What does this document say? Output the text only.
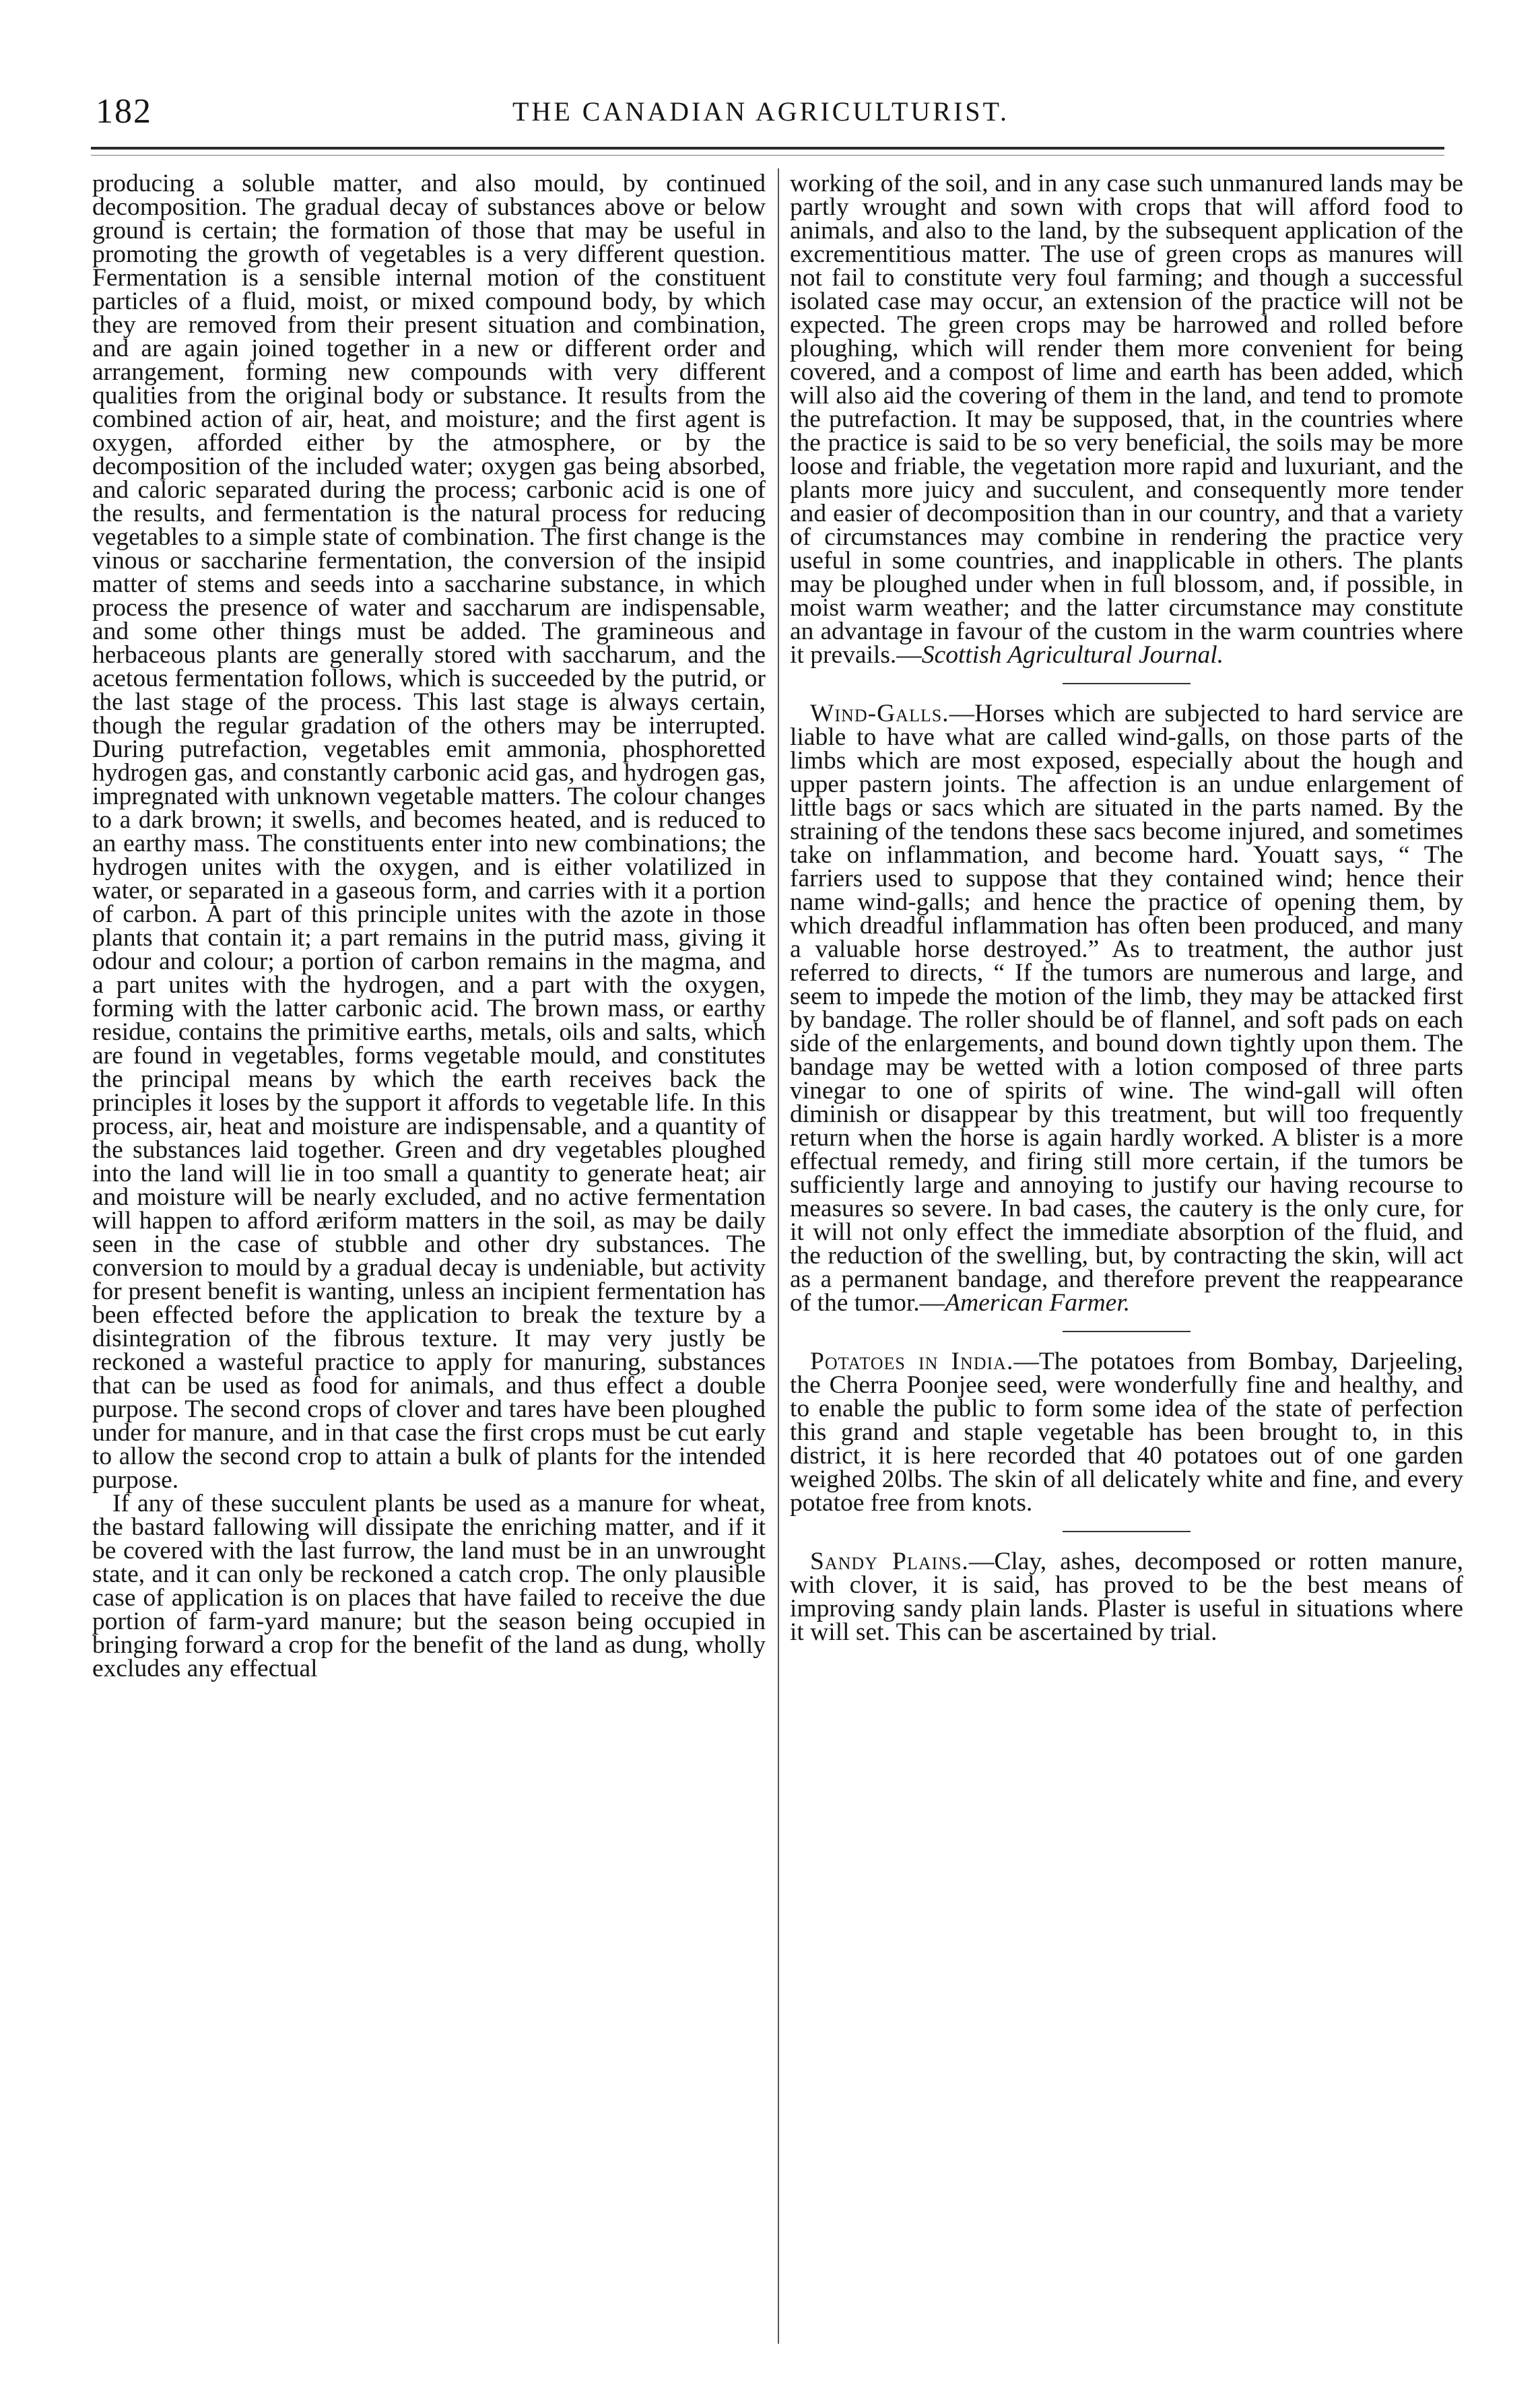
182	THE CANADIAN AGRICULTURIST.

producing a soluble matter, and also mould, by continued decomposition. The gradual decay of substances above or below ground is certain; the formation of those that may be useful in promoting the growth of vegetables is a very different question. Fermentation is a sensible internal motion of the constituent particles of a fluid, moist, or mixed compound body, by which they are removed from their present situation and combination, and are again joined together in a new or different order and arrangement, forming new compounds with very different qualities from the original body or substance. It results from the combined action of air, heat, and moisture; and the first agent is oxygen, afforded either by the atmosphere, or by the decomposition of the included water; oxygen gas being absorbed, and caloric separated during the process; carbonic acid is one of the results, and fermentation is the natural process for reducing vegetables to a simple state of combination. The first change is the vinous or saccharine fermentation, the conversion of the insipid matter of stems and seeds into a saccharine substance, in which process the presence of water and saccharum are indispensable, and some other things must be added. The gramineous and herbaceous plants are generally stored with saccharum, and the acetous fermentation follows, which is succeeded by the putrid, or the last stage of the process. This last stage is always certain, though the regular gradation of the others may be interrupted. During putrefaction, vegetables emit ammonia, phosphoretted hydrogen gas, and constantly carbonic acid gas, and hydrogen gas, impregnated with unknown vegetable matters. The colour changes to a dark brown; it swells, and becomes heated, and is reduced to an earthy mass. The constituents enter into new combinations; the hydrogen unites with the oxygen, and is either volatilized in water, or separated in a gaseous form, and carries with it a portion of carbon. A part of this principle unites with the azote in those plants that contain it; a part remains in the putrid mass, giving it odour and colour; a portion of carbon remains in the magma, and a part unites with the hydrogen, and a part with the oxygen, forming with the latter carbonic acid. The brown mass, or earthy residue, contains the primitive earths, metals, oils and salts, which are found in vegetables, forms vegetable mould, and constitutes the principal means by which the earth receives back the principles it loses by the support it affords to vegetable life. In this process, air, heat and moisture are indispensable, and a quantity of the substances laid together. Green and dry vegetables ploughed into the land will lie in too small a quantity to generate heat; air and moisture will be nearly excluded, and no active fermentation will happen to afford æriform matters in the soil, as may be daily seen in the case of stubble and other dry substances. The conversion to mould by a gradual decay is undeniable, but activity for present benefit is wanting, unless an incipient fermentation has been effected before the application to break the texture by a disintegration of the fibrous texture. It may very justly be reckoned a wasteful practice to apply for manuring, substances that can be used as food for animals, and thus effect a double purpose. The second crops of clover and tares have been ploughed under for manure, and in that case the first crops must be cut early to allow the second crop to attain a bulk of plants for the intended purpose.

If any of these succulent plants be used as a manure for wheat, the bastard fallowing will dissipate the enriching matter, and if it be covered with the last furrow, the land must be in an unwrought state, and it can only be reckoned a catch crop. The only plausible case of application is on places that have failed to receive the due portion of farm-yard manure; but the season being occupied in bringing forward a crop for the benefit of the land as dung, wholly excludes any effectual

working of the soil, and in any case such unmanured lands may be partly wrought and sown with crops that will afford food to animals, and also to the land, by the subsequent application of the excrementitious matter. The use of green crops as manures will not fail to constitute very foul farming; and though a successful isolated case may occur, an extension of the practice will not be expected. The green crops may be harrowed and rolled before ploughing, which will render them more convenient for being covered, and a compost of lime and earth has been added, which will also aid the covering of them in the land, and tend to promote the putrefaction. It may be supposed, that, in the countries where the practice is said to be so very beneficial, the soils may be more loose and friable, the vegetation more rapid and luxuriant, and the plants more juicy and succulent, and consequently more tender and easier of decomposition than in our country, and that a variety of circumstances may combine in rendering the practice very useful in some countries, and inapplicable in others. The plants may be ploughed under when in full blossom, and, if possible, in moist warm weather; and the latter circumstance may constitute an advantage in favour of the custom in the warm countries where it prevails.—Scottish Agricultural Journal.

Wind-Galls.—Horses which are subjected to hard service are liable to have what are called wind-galls, on those parts of the limbs which are most exposed, especially about the hough and upper pastern joints. The affection is an undue enlargement of little bags or sacs which are situated in the parts named. By the straining of the tendons these sacs become injured, and sometimes take on inflammation, and become hard. Youatt says, “ The farriers used to suppose that they contained wind; hence their name wind-galls; and hence the practice of opening them, by which dreadful inflammation has often been produced, and many a valuable horse destroyed.” As to treatment, the author just referred to directs, “ If the tumors are numerous and large, and seem to impede the motion of the limb, they may be attacked first by bandage. The roller should be of flannel, and soft pads on each side of the enlargements, and bound down tightly upon them. The bandage may be wetted with a lotion composed of three parts vinegar to one of spirits of wine. The wind-gall will often diminish or disappear by this treatment, but will too frequently return when the horse is again hardly worked. A blister is a more effectual remedy, and firing still more certain, if the tumors be sufficiently large and annoying to justify our having recourse to measures so severe. In bad cases, the cautery is the only cure, for it will not only effect the immediate absorption of the fluid, and the reduction of the swelling, but, by contracting the skin, will act as a permanent bandage, and therefore prevent the reappearance of the tumor.—American Farmer.

Potatoes in India.—The potatoes from Bombay, Darjeeling, the Cherra Poonjee seed, were wonderfully fine and healthy, and to enable the public to form some idea of the state of perfection this grand and staple vegetable has been brought to, in this district, it is here recorded that 40 potatoes out of one garden weighed 20lbs. The skin of all delicately white and fine, and every potatoe free from knots.

Sandy Plains.—Clay, ashes, decomposed or rotten manure, with clover, it is said, has proved to be the best means of improving sandy plain lands. Plaster is useful in situations where it will set. This can be ascertained by trial.
